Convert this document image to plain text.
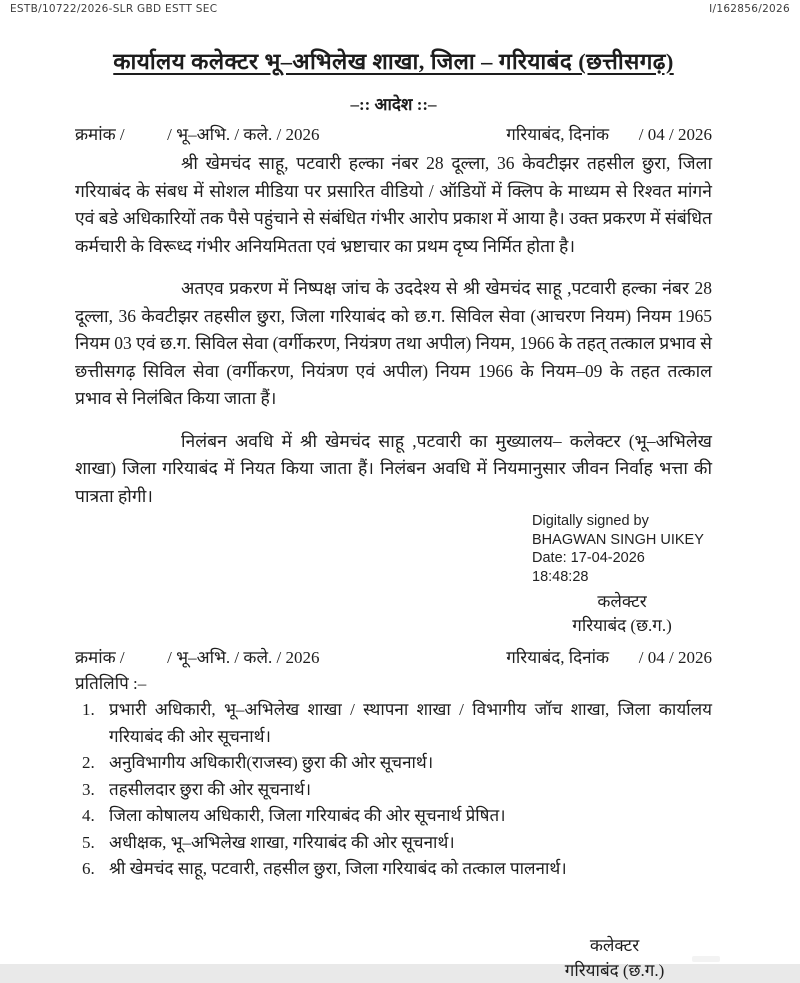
ESTB/10722/2026-SLR GBD ESTT SEC	I/162856/2026
कार्यालय कलेक्टर भू–अभिलेख शाखा, जिला – गरियाबंद (छत्तीसगढ़)
–:: आदेश ::–
क्रमांक /          / भू–अभि. / कले. / 2026	गरियाबंद, दिनांक       / 04 / 2026

श्री खेमचंद साहू, पटवारी हल्का नंबर 28 दूल्ला, 36 केवटीझर तहसील छुरा, जिला गरियाबंद के संबध में सोशल मीडिया पर प्रसारित वीडियो / ऑडियों में क्लिप के माध्यम से रिश्वत मांगने एवं बडे अधिकारियों तक पैसे पहुंचाने से संबंधित गंभीर आरोप प्रकाश में आया है। उक्त प्रकरण में संबंधित कर्मचारी के विरूध्द गंभीर अनियमितता एवं भ्रष्टाचार का प्रथम दृष्य निर्मित होता है।

अतएव प्रकरण में निष्पक्ष जांच के उददेश्य से श्री खेमचंद साहू ,पटवारी हल्का नंबर 28 दूल्ला, 36 केवटीझर तहसील छुरा, जिला गरियाबंद को छ.ग. सिविल सेवा (आचरण नियम) नियम 1965 नियम 03 एवं छ.ग. सिविल सेवा (वर्गीकरण, नियंत्रण तथा अपील) नियम, 1966 के तहत् तत्काल प्रभाव से छत्तीसगढ़ सिविल सेवा (वर्गीकरण, नियंत्रण एवं अपील) नियम 1966 के नियम–09 के तहत तत्काल प्रभाव से निलंबित किया जाता हैं।

निलंबन अवधि में श्री खेमचंद साहू ,पटवारी का मुख्यालय– कलेक्टर (भू–अभिलेख शाखा) जिला गरियाबंद में नियत किया जाता हैं। निलंबन अवधि में नियमानुसार जीवन निर्वाह भत्ता की पात्रता होगी।

Digitally signed by
BHAGWAN SINGH UIKEY
Date: 17-04-2026
18:48:28
कलेक्टर
गरियाबंद (छ.ग.)
क्रमांक /          / भू–अभि. / कले. / 2026	गरियाबंद, दिनांक       / 04 / 2026
प्रतिलिपि :–
1. प्रभारी अधिकारी, भू–अभिलेख शाखा / स्थापना शाखा / विभागीय जॉच शाखा, जिला कार्यालय गरियाबंद की ओर सूचनार्थ।
2. अनुविभागीय अधिकारी(राजस्व) छुरा की ओर सूचनार्थ।
3. तहसीलदार छुरा की ओर सूचनार्थ।
4. जिला कोषालय अधिकारी, जिला गरियाबंद की ओर सूचनार्थ प्रेषित।
5. अधीक्षक, भू–अभिलेख शाखा, गरियाबंद की ओर सूचनार्थ।
6. श्री खेमचंद साहू, पटवारी, तहसील छुरा, जिला गरियाबंद को तत्काल पालनार्थ।
कलेक्टर
गरियाबंद (छ.ग.)
